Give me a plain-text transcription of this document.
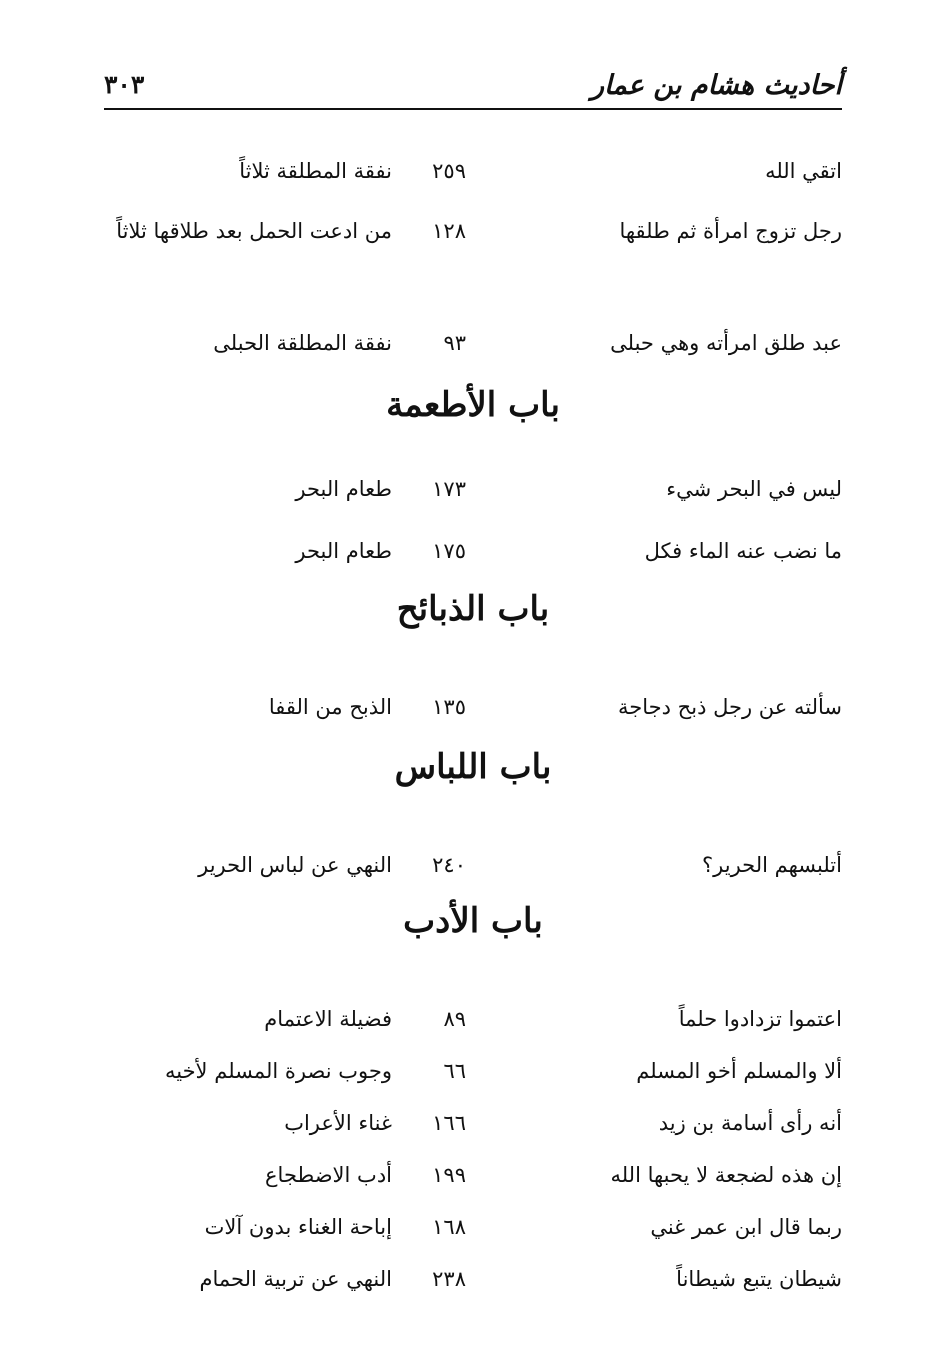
أحاديث هشام بن عمار
٣٠٣
اتقي الله
٢٥٩
نفقة المطلقة ثلاثاً
رجل تزوج امرأة ثم طلقها
١٢٨
من ادعت الحمل بعد طلاقها ثلاثاً
عبد طلق امرأته وهي حبلى
٩٣
نفقة المطلقة الحبلى
باب الأطعمة
ليس في البحر شيء
١٧٣
طعام البحر
ما نضب عنه الماء فكل
١٧٥
طعام البحر
باب الذبائح
سألته عن رجل ذبح دجاجة
١٣٥
الذبح من القفا
باب اللباس
أتلبسهم الحرير؟
٢٤٠
النهي عن لباس الحرير
باب الأدب
اعتموا تزدادوا حلماً
٨٩
فضيلة الاعتمام
ألا والمسلم أخو المسلم
٦٦
وجوب نصرة المسلم لأخيه
أنه رأى أسامة بن زيد
١٦٦
غناء الأعراب
إن هذه لضجعة لا يحبها الله
١٩٩
أدب الاضطجاع
ربما قال ابن عمر غني
١٦٨
إباحة الغناء بدون آلات
شيطان يتبع شيطاناً
٢٣٨
النهي عن تربية الحمام
